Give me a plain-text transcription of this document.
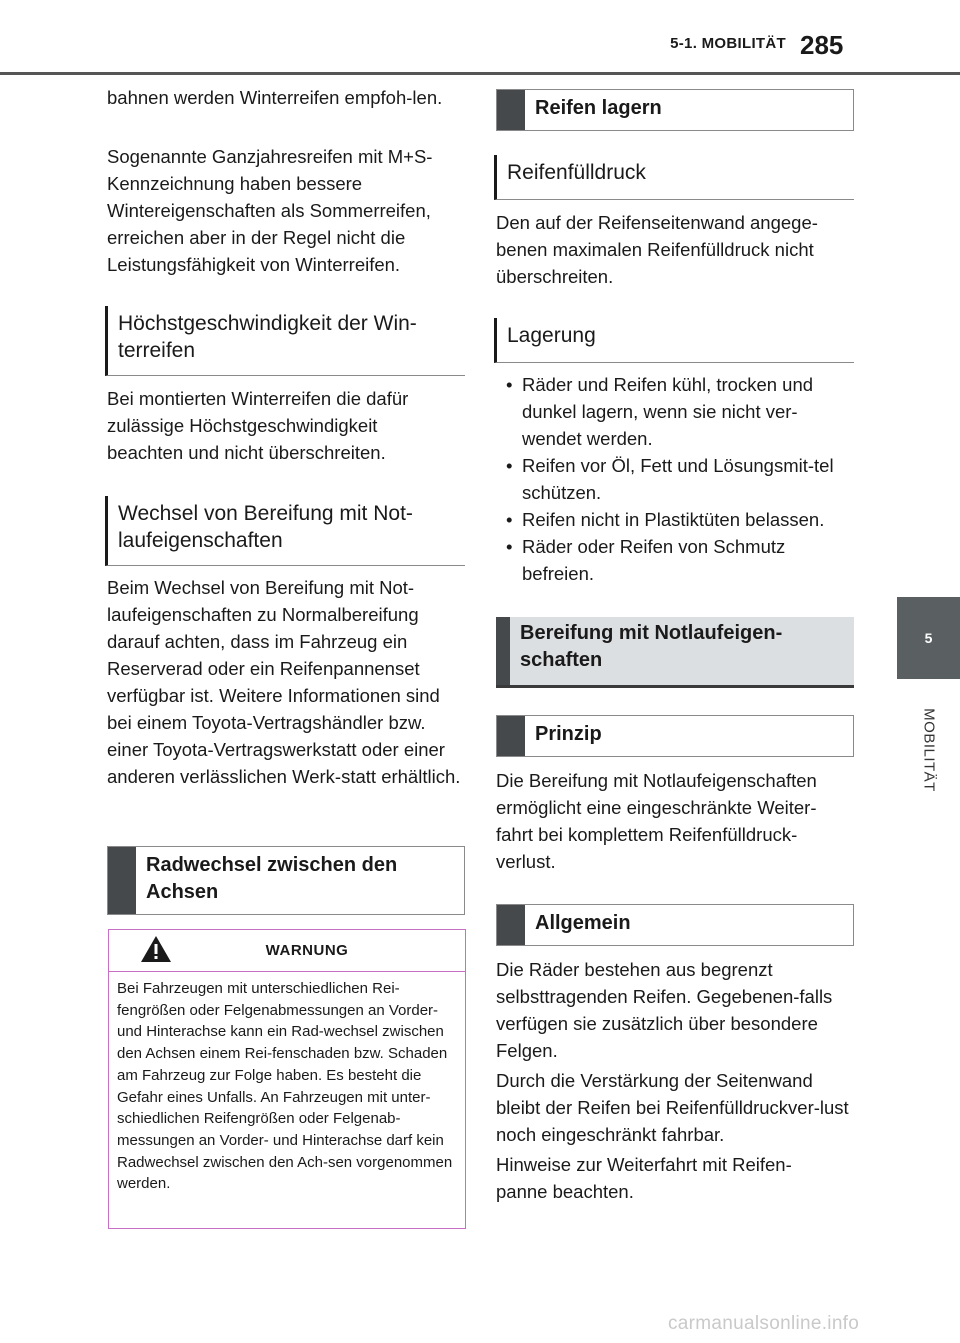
5-1. MOBILITÄT 285
5
MOBILITÄT

bahnen werden Winterreifen empfoh-len.

Sogenannte Ganzjahresreifen mit M+S-Kennzeichnung haben bessere Wintereigenschaften als Sommerreifen, erreichen aber in der Regel nicht die Leistungsfähigkeit von Winterreifen.

Höchstgeschwindigkeit der Win-terreifen

Bei montierten Winterreifen die dafür zulässige Höchstgeschwindigkeit beachten und nicht überschreiten.

Wechsel von Bereifung mit Not-laufeigenschaften

Beim Wechsel von Bereifung mit Not-laufeigenschaften zu Normalbereifung darauf achten, dass im Fahrzeug ein Reserverad oder ein Reifenpannenset verfügbar ist. Weitere Informationen sind bei einem Toyota-Vertragshändler bzw. einer Toyota-Vertragswerkstatt oder einer anderen verlässlichen Werk-statt erhältlich.

Radwechsel zwischen den Achsen
WARNUNG
Bei Fahrzeugen mit unterschiedlichen Rei-fengrößen oder Felgenabmessungen an Vorder- und Hinterachse kann ein Rad-wechsel zwischen den Achsen einem Rei-fenschaden bzw. Schaden am Fahrzeug zur Folge haben. Es besteht die Gefahr eines Unfalls. An Fahrzeugen mit unter-schiedlichen Reifengrößen oder Felgenab-messungen an Vorder- und Hinterachse darf kein Radwechsel zwischen den Ach-sen vorgenommen werden.
Reifen lagern
Reifenfülldruck

Den auf der Reifenseitenwand angege-benen maximalen Reifenfülldruck nicht überschreiten.

Lagerung
• Räder und Reifen kühl, trocken und dunkel lagern, wenn sie nicht ver-wendet werden.
• Reifen vor Öl, Fett und Lösungsmit-tel schützen.
• Reifen nicht in Plastiktüten belassen.
• Räder oder Reifen von Schmutz befreien.
Bereifung mit Notlaufeigen-schaften
Prinzip

Die Bereifung mit Notlaufeigenschaften ermöglicht eine eingeschränkte Weiter-fahrt bei komplettem Reifenfülldruck-verlust.

Allgemein

Die Räder bestehen aus begrenzt selbsttragenden Reifen. Gegebenen-falls verfügen sie zusätzlich über besondere Felgen.

Durch die Verstärkung der Seitenwand bleibt der Reifen bei Reifenfülldruckver-lust noch eingeschränkt fahrbar.

Hinweise zur Weiterfahrt mit Reifen-panne beachten.

carmanualsonline.info
